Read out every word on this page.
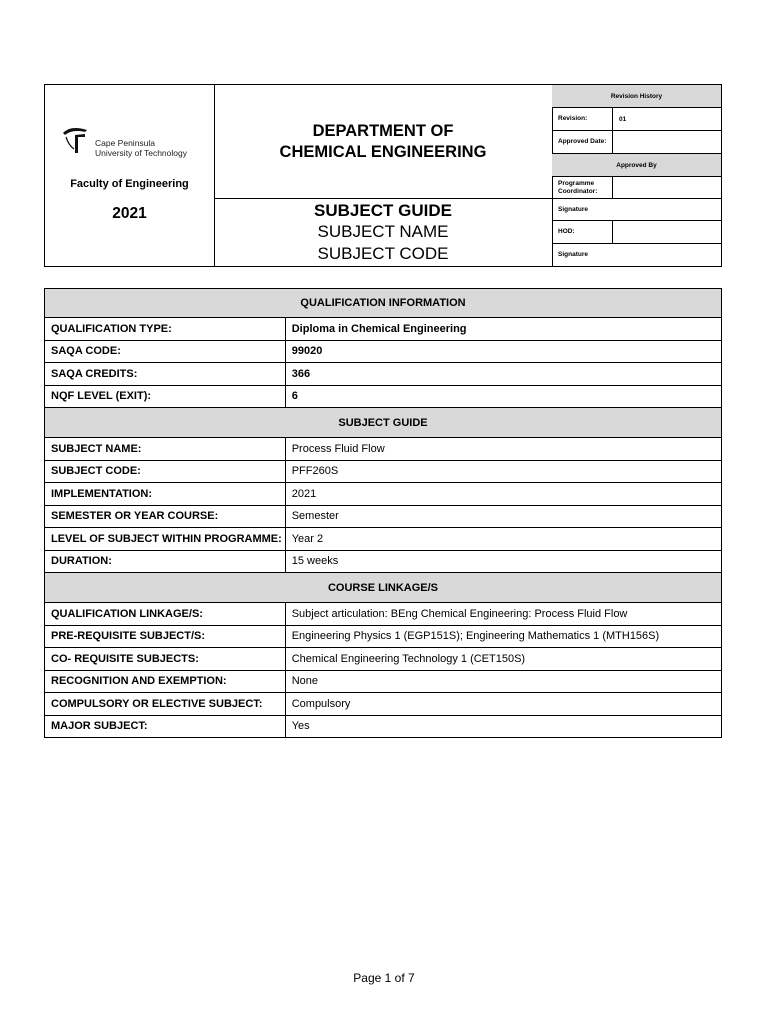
Cape Peninsula
University of Technology
Faculty of Engineering
2021
DEPARTMENT OF
CHEMICAL ENGINEERING
SUBJECT GUIDE
SUBJECT NAME
SUBJECT CODE
Revision History
Revision:	01
Approved Date:
Approved By
Programme Coordinator:
Signature
HOD:
Signature
QUALIFICATION INFORMATION	
QUALIFICATION TYPE:	Diploma in Chemical Engineering
SAQA CODE:	99020
SAQA CREDITS:	366
NQF LEVEL (EXIT):	6
SUBJECT GUIDE	
SUBJECT NAME:	Process Fluid Flow
SUBJECT CODE:	PFF260S
IMPLEMENTATION:	2021
SEMESTER OR YEAR COURSE:	Semester
LEVEL OF SUBJECT WITHIN PROGRAMME:	Year 2
DURATION:	15 weeks
COURSE LINKAGE/S	
QUALIFICATION LINKAGE/S:	Subject articulation: BEng Chemical Engineering: Process Fluid Flow
PRE-REQUISITE SUBJECT/S:	Engineering Physics 1 (EGP151S); Engineering Mathematics 1 (MTH156S)
CO- REQUISITE SUBJECTS:	Chemical Engineering Technology 1 (CET150S)
RECOGNITION AND EXEMPTION:	None
COMPULSORY OR ELECTIVE SUBJECT:	Compulsory
MAJOR SUBJECT:	Yes
Page 1 of 7
